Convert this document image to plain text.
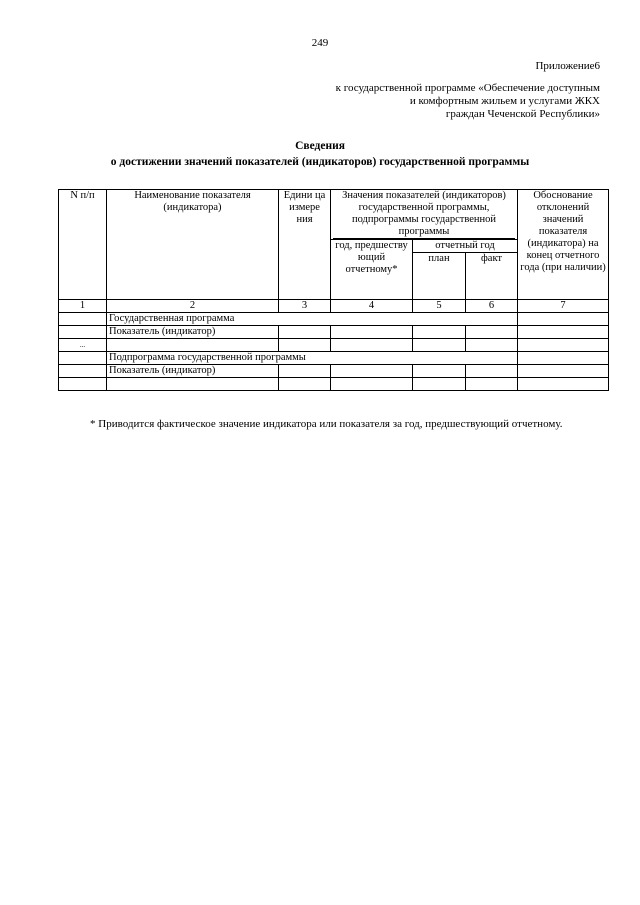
249
Приложение6
к государственной программе «Обеспечение доступным
и комфортным жильем и услугами ЖКХ
граждан Чеченской Республики»
Сведения
о достижении значений показателей (индикаторов) государственной программы
N п/п	Наименование показателя (индикатора)	Едини ца измере ния	Значения показателей (индикаторов) государственной программы, подпрограммы государственной программы			Обоснование отклонений значений показателя (индикатора) на конец отчетного года (при наличии)
			год, предшеству ющий отчетному*	отчетный год		
				план	факт	
1	2	3	4	5	6	7
	Государственная программа					
	Показатель (индикатор)					
...						
	Подпрограмма государственной программы					
	Показатель (индикатор)					

* Приводится фактическое значение индикатора или показателя за год, предшествующий отчетному.
